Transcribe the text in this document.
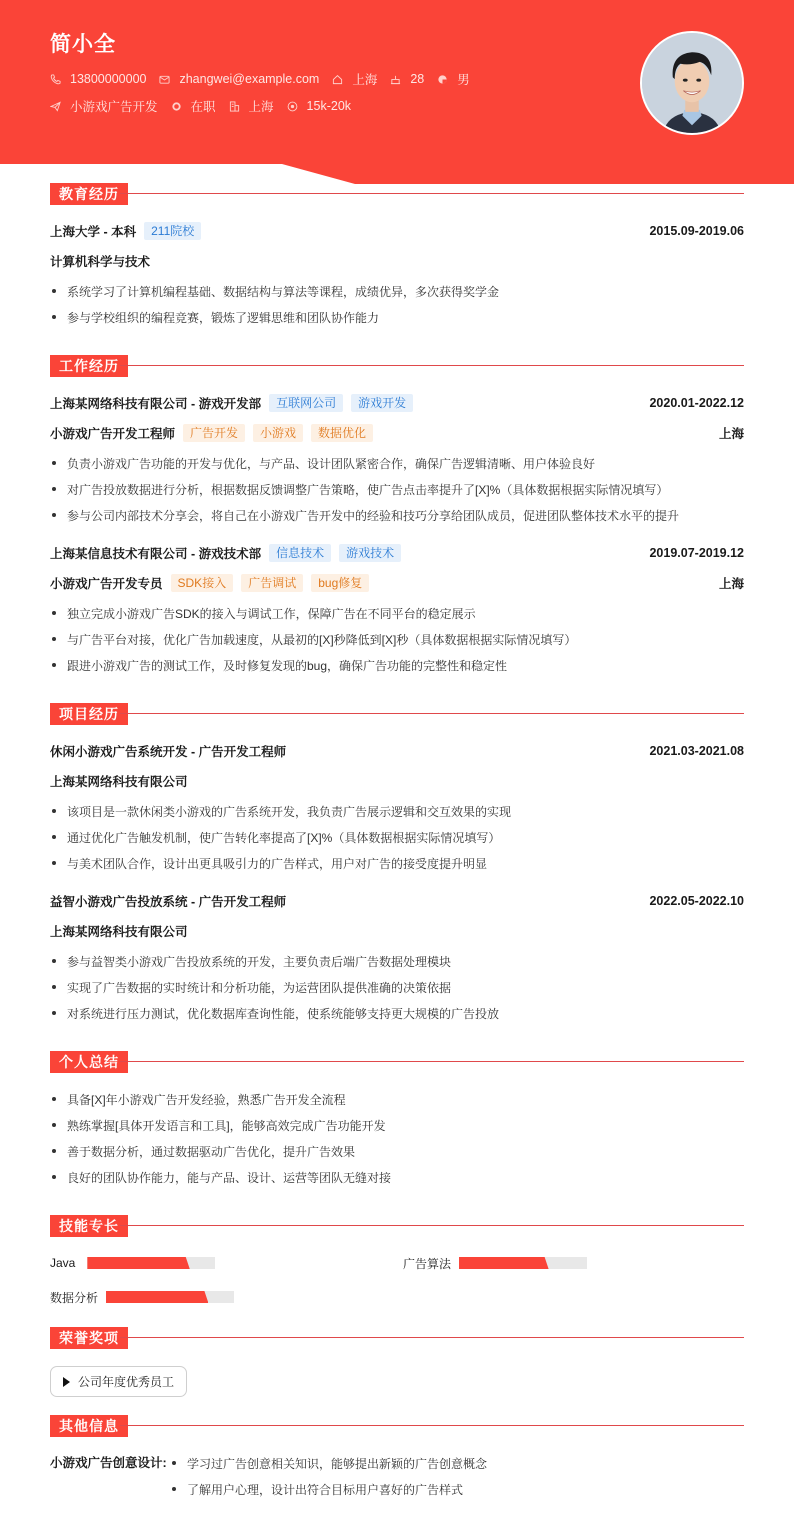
简小全
13800000000	zhangwei@example.com	上海	28	男
小游戏广告开发	在职	上海	15k-20k
教育经历
上海大学 - 本科	211院校	2015.09-2019.06
计算机科学与技术
系统学习了计算机编程基础、数据结构与算法等课程，成绩优异，多次获得奖学金
参与学校组织的编程竞赛，锻炼了逻辑思维和团队协作能力
工作经历
上海某网络科技有限公司 - 游戏开发部	互联网公司	游戏开发	2020.01-2022.12
小游戏广告开发工程师	广告开发	小游戏	数据优化	上海
负责小游戏广告功能的开发与优化，与产品、设计团队紧密合作，确保广告逻辑清晰、用户体验良好
对广告投放数据进行分析，根据数据反馈调整广告策略，使广告点击率提升了[X]%（具体数据根据实际情况填写）
参与公司内部技术分享会，将自己在小游戏广告开发中的经验和技巧分享给团队成员，促进团队整体技术水平的提升
上海某信息技术有限公司 - 游戏技术部	信息技术	游戏技术	2019.07-2019.12
小游戏广告开发专员	SDK接入	广告调试	bug修复	上海
独立完成小游戏广告SDK的接入与调试工作，保障广告在不同平台的稳定展示
与广告平台对接，优化广告加载速度，从最初的[X]秒降低到[X]秒（具体数据根据实际情况填写）
跟进小游戏广告的测试工作，及时修复发现的bug，确保广告功能的完整性和稳定性
项目经历
休闲小游戏广告系统开发 - 广告开发工程师	2021.03-2021.08
上海某网络科技有限公司
该项目是一款休闲类小游戏的广告系统开发，我负责广告展示逻辑和交互效果的实现
通过优化广告触发机制，使广告转化率提高了[X]%（具体数据根据实际情况填写）
与美术团队合作，设计出更具吸引力的广告样式，用户对广告的接受度提升明显
益智小游戏广告投放系统 - 广告开发工程师	2022.05-2022.10
上海某网络科技有限公司
参与益智类小游戏广告投放系统的开发，主要负责后端广告数据处理模块
实现了广告数据的实时统计和分析功能，为运营团队提供准确的决策依据
对系统进行压力测试，优化数据库查询性能，使系统能够支持更大规模的广告投放
个人总结
具备[X]年小游戏广告开发经验，熟悉广告开发全流程
熟练掌握[具体开发语言和工具]，能够高效完成广告功能开发
善于数据分析，通过数据驱动广告优化，提升广告效果
良好的团队协作能力，能与产品、设计、运营等团队无缝对接
技能专长
Java	广告算法
数据分析
荣誉奖项
公司年度优秀员工
其他信息
小游戏广告创意设计: 学习过广告创意相关知识，能够提出新颖的广告创意概念
了解用户心理，设计出符合目标用户喜好的广告样式
